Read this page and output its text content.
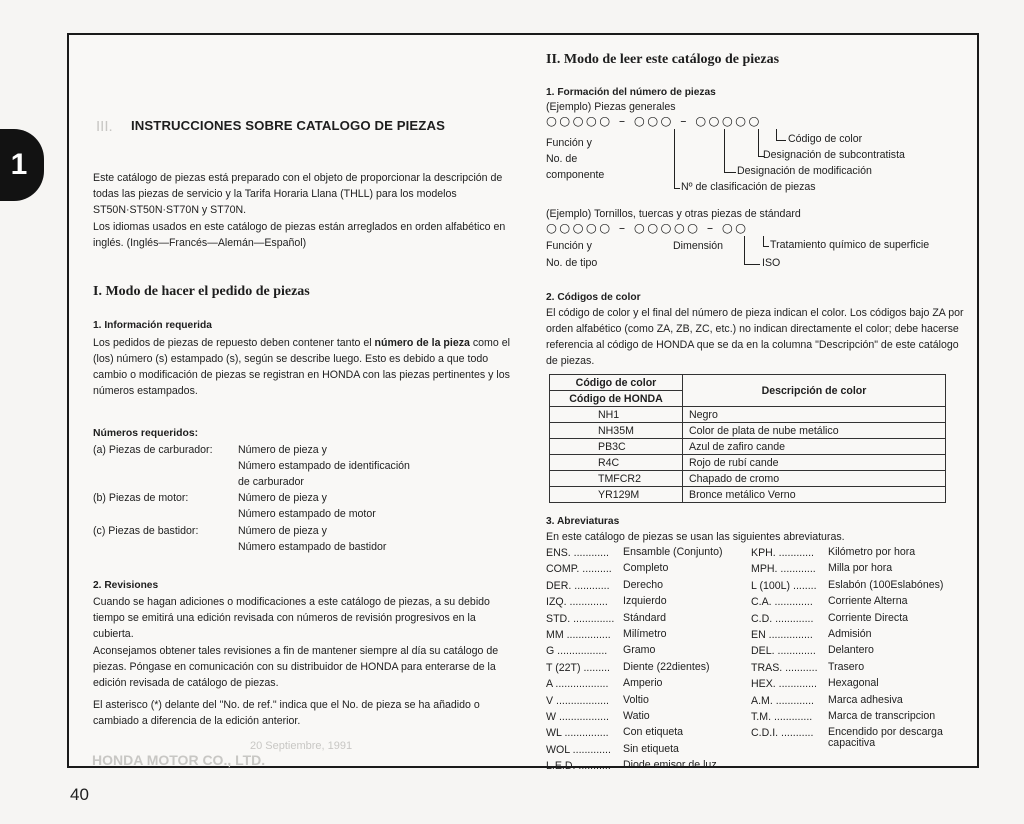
1
40
III.
HONDA MOTOR CO., LTD.
20 Septiembre, 1991
INSTRUCCIONES SOBRE CATALOGO DE PIEZAS

Este catálogo de piezas está preparado con el objeto de proporcionar la descripción de todas las piezas de servicio y la Tarifa Horaria Llana (THLL) para los modelos ST50N·ST50N·ST70N y ST70N.

Los idiomas usados en este catálogo de piezas están arreglados en orden alfabético en inglés. (Inglés—Francés—Alemán—Español)

I. Modo de hacer el pedido de piezas
1. Información requerida

Los pedidos de piezas de repuesto deben contener tanto el número de la pieza como el (los) número (s) estampado (s), según se describe luego. Esto es debido a que todo cambio o modificación de piezas se registran en HONDA con las piezas pertinentes y los números estampados.

Números requeridos:
(a) Piezas de carburador: Número de pieza y
Número estampado de identificación
de carburador
(b) Piezas de motor:	Número de pieza y
Número estampado de motor
(c) Piezas de bastidor:	Número de pieza y
Número estampado de bastidor
2. Revisiones

Cuando se hagan adiciones o modificaciones a este catálogo de piezas, a su debido tiempo se emitirá una edición revisada con números de revisión progresivos en la cubierta.

Aconsejamos obtener tales revisiones a fin de mantener siempre al día su catálogo de piezas. Póngase en comunicación con su distribuidor de HONDA para enterarse de la edición revisada de catálogo de piezas.

El asterisco (*) delante del "No. de ref." indica que el No. de pieza se ha añadido o cambiado a diferencia de la edición anterior.

II. Modo de leer este catálogo de piezas
1. Formación del número de piezas
(Ejemplo) Piezas generales
○○○○○ – ○○○ – ○○○○○
Función y
No. de
componente
Código de color
Designación de subcontratista
Designación de modificación
Nº de clasificación de piezas
(Ejemplo) Tornillos, tuercas y otras piezas de stándard
○○○○○ – ○○○○○ – ○○
Función y
No. de tipo
Dimensión	Tratamiento químico de superficie
ISO
2. Códigos de color

El código de color y el final del número de pieza indican el color. Los códigos bajo ZA por orden alfabético (como ZA, ZB, ZC, etc.) no indican directamente el color; debe hacerse referencia al código de HONDA que se da en la columna "Descripción" de este catálogo de piezas.

Código de color	Descripción de color
Código de HONDA	
NH1	Negro
NH35M	Color de plata de nube metálico
PB3C	Azul de zafiro cande
R4C	Rojo de rubí cande
TMFCR2	Chapado de cromo
YR129M	Bronce metálico Verno
3. Abreviaturas
En este catálogo de piezas se usan las siguientes abreviaturas.
ENS. ............ Ensamble (Conjunto)
COMP. .......... Completo
DER. ............ Derecho
IZQ. ............. Izquierdo
STD. .............. Stándard
MM ............... Milímetro
G ................. Gramo
T (22T) ......... Diente (22dientes)
A .................. Amperio
V .................. Voltio
W ................. Watio
WL ............... Con etiqueta
WOL ............. Sin etiqueta
L.E.D. ........... Diode emisor de luz
KPH. ............ Kilómetro por hora
MPH. ............ Milla por hora
L (100L) ........ Eslabón (100Eslabónes)
C.A. ............. Corriente Alterna
C.D. ............. Corriente Directa
EN ............... Admisión
DEL. ............. Delantero
TRAS. ........... Trasero
HEX. ............. Hexagonal
A.M. ............. Marca adhesiva
T.M. ............. Marca de transcripcion
C.D.I. ........... Encendido por descarga capacitiva
